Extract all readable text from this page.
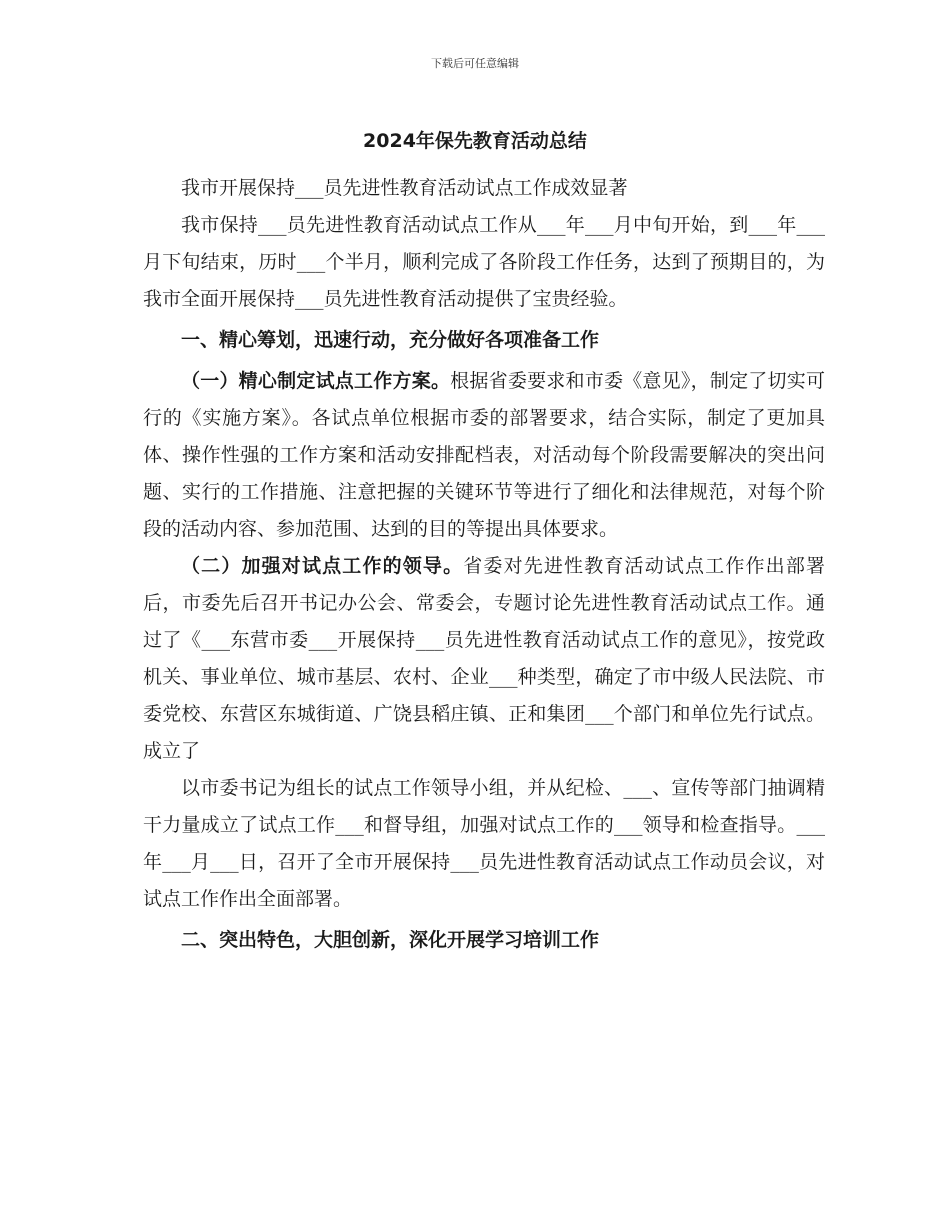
下载后可任意编辑
2024年保先教育活动总结

我市开展保持___员先进性教育活动试点工作成效显著

我市保持___员先进性教育活动试点工作从___年___月中旬开始，到___年___月下旬结束，历时___个半月，顺利完成了各阶段工作任务，达到了预期目的，为我市全面开展保持___员先进性教育活动提供了宝贵经验。

一、精心筹划，迅速行动，充分做好各项准备工作

（一）精心制定试点工作方案。根据省委要求和市委《意见》，制定了切实可行的《实施方案》。各试点单位根据市委的部署要求，结合实际，制定了更加具体、操作性强的工作方案和活动安排配档表，对活动每个阶段需要解决的突出问题、实行的工作措施、注意把握的关键环节等进行了细化和法律规范，对每个阶段的活动内容、参加范围、达到的目的等提出具体要求。

（二）加强对试点工作的领导。省委对先进性教育活动试点工作作出部署后，市委先后召开书记办公会、常委会，专题讨论先进性教育活动试点工作。通过了《___东营市委___开展保持___员先进性教育活动试点工作的意见》，按党政机关、事业单位、城市基层、农村、企业___种类型，确定了市中级人民法院、市委党校、东营区东城街道、广饶县稻庄镇、正和集团___个部门和单位先行试点。成立了

以市委书记为组长的试点工作领导小组，并从纪检、___、宣传等部门抽调精干力量成立了试点工作___和督导组，加强对试点工作的___领导和检查指导。___年___月___日，召开了全市开展保持___员先进性教育活动试点工作动员会议，对试点工作作出全面部署。

二、突出特色，大胆创新，深化开展学习培训工作
